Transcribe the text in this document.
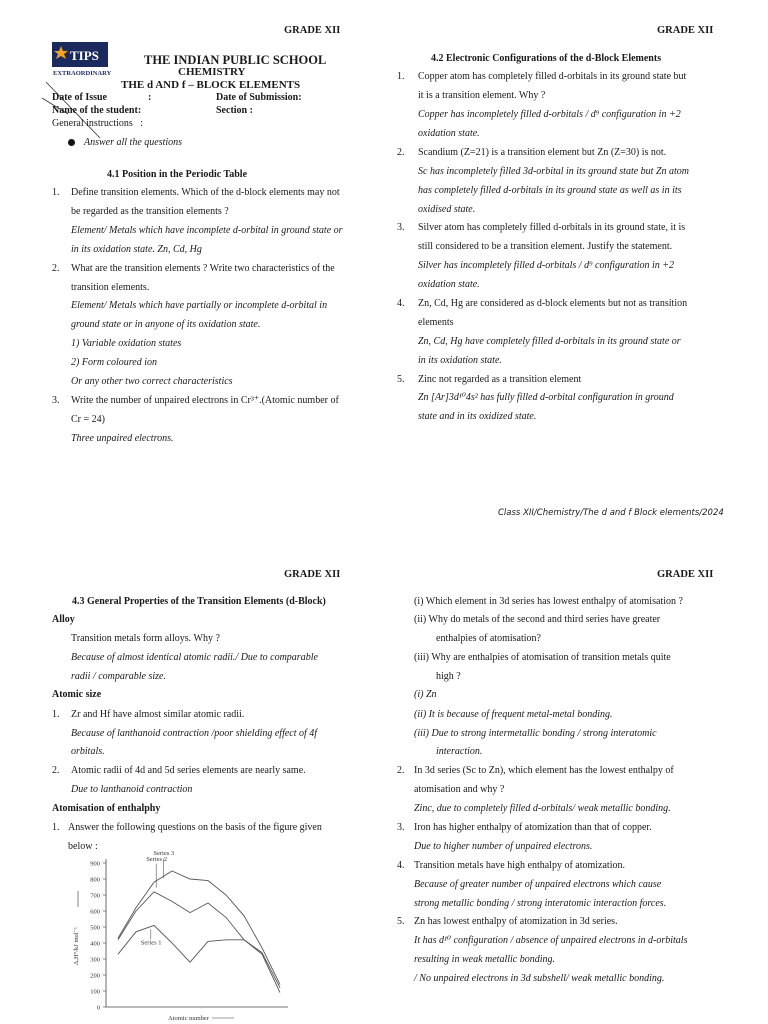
GRADE XII	GRADE XII
GRADE XII	GRADE XII
TIPS
EXTRAORDINARY
THE INDIAN PUBLIC SCHOOL
CHEMISTRY
THE d AND f – BLOCK ELEMENTS
Date of Issue	:	Date of Submission:
Name of the student:	Section :
General instructions   :
Answer all the questions
4.1 Position in the Periodic Table
Define transition elements. Which of the d-block elements may not
be regarded as the transition elements ?
Element/ Metals which have incomplete d-orbital in ground state or
in its oxidation state. Zn, Cd, Hg
What are the transition elements ? Write two characteristics of the
transition elements.
Element/ Metals which have partially or incomplete d-orbital in
ground state or in anyone of its oxidation state.
1) Variable oxidation states
2) Form coloured ion
Or any other two correct characteristics
Write the number of unpaired electrons in Cr³⁺.(Atomic number of
Cr = 24)
Three unpaired electrons.
1.
2.
3.
4.2 Electronic Configurations of the d-Block Elements
Copper atom has completely filled d-orbitals in its ground state but
it is a transition element. Why ?
Copper has incompletely filled d-orbitals / d⁹ configuration in +2
oxidation state.
Scandium (Z=21) is a transition element but Zn (Z=30) is not.
Sc has incompletely filled 3d-orbital in its ground state but Zn atom
has completely filled d-orbitals in its ground state as well as in its
oxidised state.
Silver atom has completely filled d-orbitals in its ground state, it is
still considered to be a transition element. Justify the statement.
Silver has incompletely filled d-orbitals / d⁹ configuration in +2
oxidation state.
Zn, Cd, Hg are considered as d-block elements but not as transition
elements
Zn, Cd, Hg have completely filled d-orbitals in its ground state or
in its oxidation state.
Zinc not regarded as a transition element
Zn [Ar]3d¹⁰4s² has fully filled d-orbital configuration in ground
state and in its oxidized state.
1.
2.
3.
4.
5.
Class XII/Chemistry/The d and f Block elements/2024
4.3 General Properties of the Transition Elements (d-Block)
Transition metals form alloys. Why ?
Because of almost identical atomic radii./ Due to comparable
radii / comparable size.
Alloy
Atomic size
Atomisation of enthalphy
Zr and Hf have almost similar atomic radii.
Because of lanthanoid contraction /poor shielding effect of 4f
orbitals.
Atomic radii of 4d and 5d series elements are nearly same.
Due to lanthanoid contraction
Answer the following questions on the basis of the figure given
below :
1.
2.
1.
(i) Which element in 3d series has lowest enthalpy of atomisation ?
(ii) Why do metals of the second and third series have greater
enthalpies of atomisation?
(iii) Why are enthalpies of atomisation of transition metals quite
high ?
(i) Zn
(ii) It is because of frequent metal-metal bonding.
(iii) Due to strong intermetallic bonding / strong interatomic
interaction.
In 3d series (Sc to Zn), which element has the lowest enthalpy of
atomisation and why ?
Zinc, due to completely filled d-orbitals/ weak metallic bonding.
Iron has higher enthalpy of atomization than that of copper.
Due to higher number of unpaired electrons.
Transition metals have high enthalpy of atomization.
Because of greater number of unpaired electrons which cause
strong metallic bonding / strong interatomic interaction forces.
Zn has lowest enthalpy of atomization in 3d series.
It has d¹⁰ configuration / absence of unpaired electrons in d-orbitals
resulting in weak metallic bonding.
/ No unpaired electrons in 3d subshell/ weak metallic bonding.
2.
3.
4.
5.
900
800
700
600
500
400
300
200
100
0
ΔₐH°/kJ mol⁻¹
Atomic number
Series 3
Series 2
Series 1
